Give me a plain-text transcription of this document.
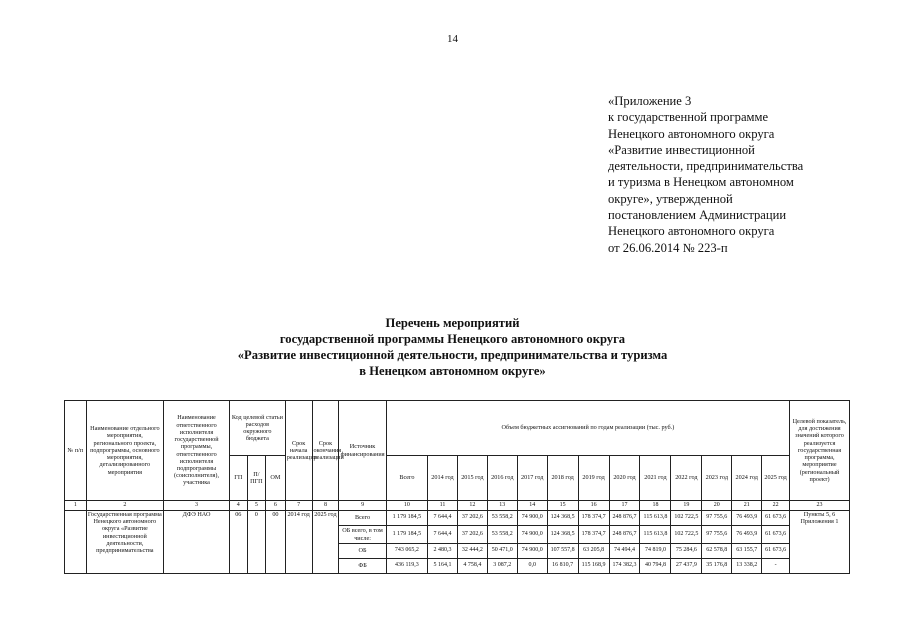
14
«Приложение 3
к государственной программе
Ненецкого автономного округа
«Развитие инвестиционной
деятельности, предпринимательства
и туризма в Ненецком автономном
округе», утвержденной
постановлением Администрации
Ненецкого автономного округа
от 26.06.2014 № 223-п
Перечень мероприятий
государственной программы Ненецкого автономного округа
«Развитие инвестиционной деятельности, предпринимательства и туризма
в Ненецком автономном округе»
№ п/п	Наименование отдельного мероприятия, регионального проекта, подпрограммы, основного мероприятия, детализированного мероприятия	Наименование ответственного исполнителя государственной программы, ответственного исполнителя подпрограммы (соисполнителя), участника	Код целевой статьи расходов окружного бюджета			Срок начала реализации	Срок окончания реализации	Источник финансирования	Объем бюджетных ассигнований по годам реализации (тыс. руб.)													Целевой показатель, для достижения значений которого реализуется государственная программа, мероприятие (региональный проект)
			ГП	П/ ПГП	ОМ				Всего	2014 год	2015 год	2016 год	2017 год	2018 год	2019 год	2020 год	2021 год	2022 год	2023 год	2024 год	2025 год	
1	2	3	4	5	6	7	8	9	10	11	12	13	14	15	16	17	18	19	20	21	22	23
	Государственная программа Ненецкого автономного округа «Развитие инвестиционной деятельности, предпринимательства	ДФЭ НАО	06	0	00	2014 год	2025 год	Всего	1 179 184,5	7 644,4	37 202,6	53 558,2	74 900,0	124 368,5	178 374,7	248 876,7	115 613,8	102 722,5	97 755,6	76 493,9	61 673,6	Пункты 5, 6 Приложения 1
								ОБ всего, в том числе:	1 179 184,5	7 644,4	37 202,6	53 558,2	74 900,0	124 368,5	178 374,7	248 876,7	115 613,8	102 722,5	97 755,6	76 493,9	61 673,6	
								ОБ	743 065,2	2 480,3	32 444,2	50 471,0	74 900,0	107 557,8	63 205,8	74 494,4	74 819,0	75 284,6	62 578,8	63 155,7	61 673,6	
								ФБ	436 119,3	5 164,1	4 758,4	3 087,2	0,0	16 810,7	115 168,9	174 382,3	40 794,8	27 437,9	35 176,8	13 338,2	-	
